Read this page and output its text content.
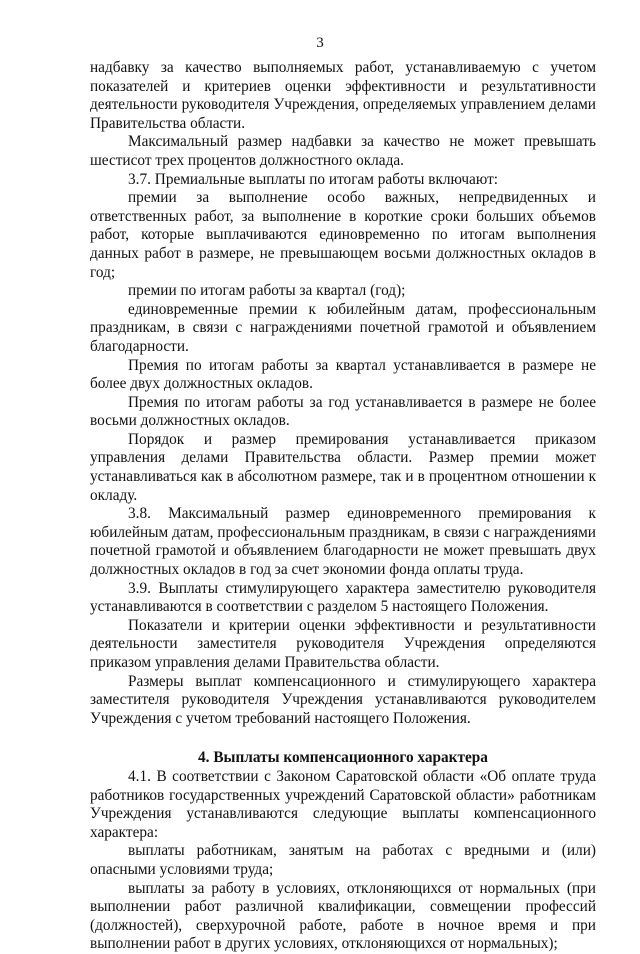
3

надбавку за качество выполняемых работ, устанавливаемую с учетом показателей и критериев оценки эффективности и результативности деятельности руководителя Учреждения, определяемых управлением делами Правительства области.

Максимальный размер надбавки за качество не может превышать шестисот трех процентов должностного оклада.

3.7. Премиальные выплаты по итогам работы включают:

премии за выполнение особо важных, непредвиденных и ответственных работ, за выполнение в короткие сроки больших объемов работ, которые выплачиваются единовременно по итогам выполнения данных работ в размере, не превышающем восьми должностных окладов в год;

премии по итогам работы за квартал (год);

единовременные премии к юбилейным датам, профессиональным праздникам, в связи с награждениями почетной грамотой и объявлением благодарности.

Премия по итогам работы за квартал устанавливается в размере не более двух должностных окладов.

Премия по итогам работы за год устанавливается в размере не более восьми должностных окладов.

Порядок и размер премирования устанавливается приказом управления делами Правительства области. Размер премии может устанавливаться как в абсолютном размере, так и в процентном отношении к окладу.

3.8. Максимальный размер единовременного премирования к юбилейным датам, профессиональным праздникам, в связи с награждениями почетной грамотой и объявлением благодарности не может превышать двух должностных окладов в год за счет экономии фонда оплаты труда.

3.9. Выплаты стимулирующего характера заместителю руководителя устанавливаются в соответствии с разделом 5 настоящего Положения.

Показатели и критерии оценки эффективности и результативности деятельности заместителя руководителя Учреждения определяются приказом управления делами Правительства области.

Размеры выплат компенсационного и стимулирующего характера заместителя руководителя Учреждения устанавливаются руководителем Учреждения с учетом требований настоящего Положения.

4. Выплаты компенсационного характера

4.1. В соответствии с Законом Саратовской области «Об оплате труда работников государственных учреждений Саратовской области» работникам Учреждения устанавливаются следующие выплаты компенсационного характера:

выплаты работникам, занятым на работах с вредными и (или) опасными условиями труда;

выплаты за работу в условиях, отклоняющихся от нормальных (при выполнении работ различной квалификации, совмещении профессий (должностей), сверхурочной работе, работе в ночное время и при выполнении работ в других условиях, отклоняющихся от нормальных);
